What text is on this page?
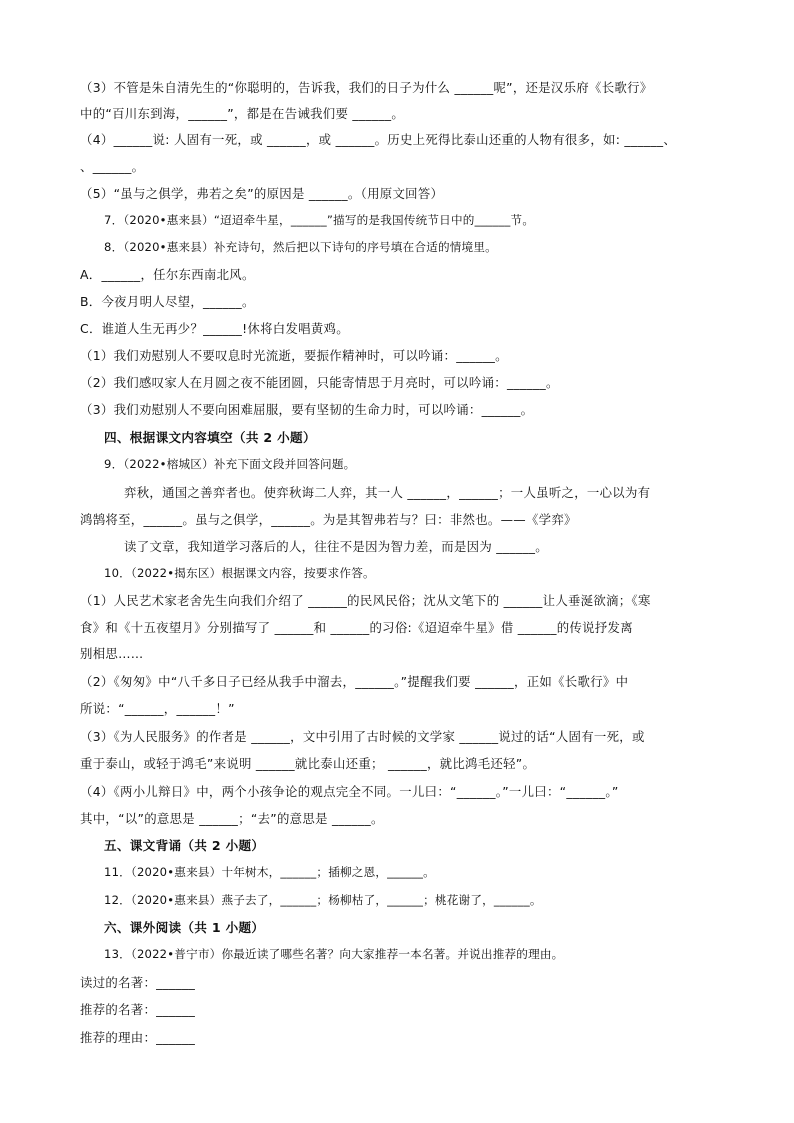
（3）不管是朱自清先生的“你聪明的，告诉我，我们的日子为什么 ______呢”，还是汉乐府《长歌行》
中的“百川东到海，______”，都是在告诫我们要 ______。
（4）______说: 人固有一死，或 ______，或 ______。历史上死得比泰山还重的人物有很多，如: ______、
、______。
（5）“虽与之俱学，弗若之矣”的原因是 ______。（用原文回答）
7．（2020•惠来县）“迢迢牵牛星，______”描写的是我国传统节日中的______节。
8．（2020•惠来县）补充诗句，然后把以下诗句的序号填在合适的情境里。
A．______，任尔东西南北风。
B．今夜月明人尽望，______。
C．谁道人生无再少？______!休将白发唱黄鸡。
（1）我们劝慰别人不要叹息时光流逝，要振作精神时，可以吟诵：______。
（2）我们感叹家人在月圆之夜不能团圆，只能寄情思于月亮时，可以吟诵：______。
（3）我们劝慰别人不要向困难屈服，要有坚韧的生命力时，可以吟诵：______。
四、根据课文内容填空（共 2 小题）
9．（2022•榕城区）补充下面文段并回答问题。
弈秋，通国之善弈者也。使弈秋诲二人弈，其一人 ______，______；一人虽听之，一心以为有
鸿鹄将至，______。虽与之俱学，______。为是其智弗若与？曰：非然也。——《学弈》
读了文章，我知道学习落后的人，往往不是因为智力差，而是因为 ______。
10．（2022•揭东区）根据课文内容，按要求作答。
（1）人民艺术家老舍先生向我们介绍了 ______的民风民俗；沈从文笔下的 ______让人垂涎欲滴；《寒
食》和《十五夜望月》分别描写了 ______和 ______的习俗:《迢迢牵牛星》借 ______的传说抒发离
别相思……
（2）《匆匆》中“八千多日子已经从我手中溜去，______。”提醒我们要 ______，正如《长歌行》中
所说：“______，______！”
（3）《为人民服务》的作者是 ______，文中引用了古时候的文学家 ______说过的话“人固有一死，或
重于泰山，或轻于鸿毛”来说明 ______就比泰山还重； ______，就比鸿毛还轻”。
（4）《两小儿辩日》中，两个小孩争论的观点完全不同。一儿曰：“______。”一儿曰：“______。”
其中，“以”的意思是 ______；“去”的意思是 ______。
五、课文背诵（共 2 小题）
11．（2020•惠来县）十年树木，______；插柳之恩，______。
12．（2020•惠来县）燕子去了，______；杨柳枯了，______；桃花谢了，______。
六、课外阅读（共 1 小题）
13．（2022•普宁市）你最近读了哪些名著？向大家推荐一本名著。并说出推荐的理由。
读过的名著：______
推荐的名著：______
推荐的理由：______
